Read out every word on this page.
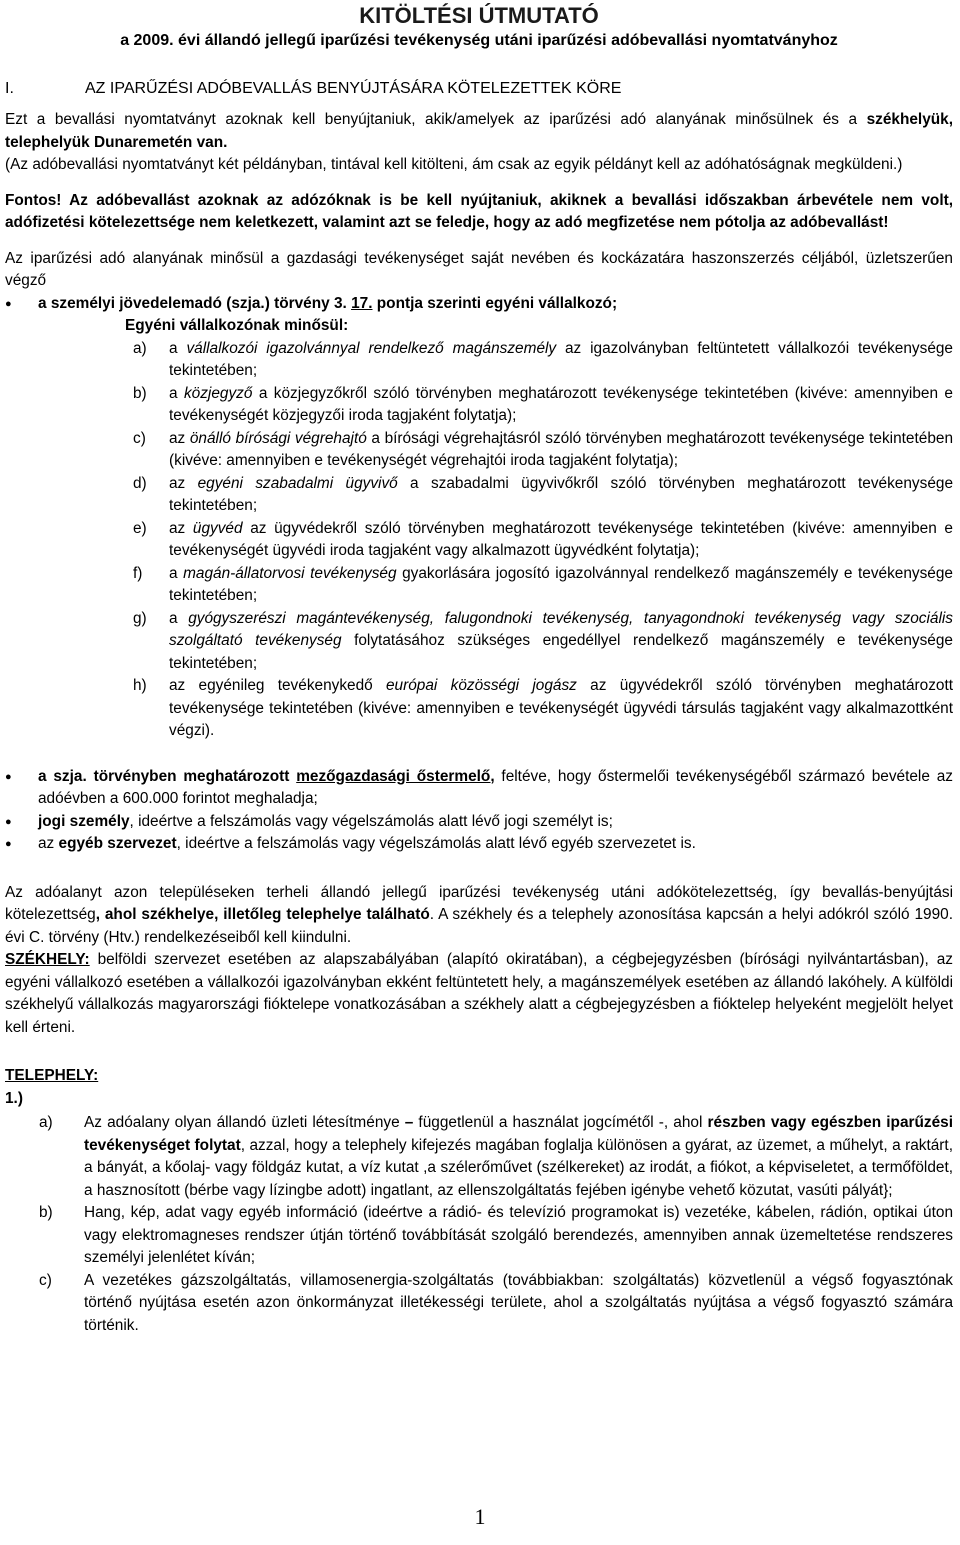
KITÖLTÉSI ÚTMUTATÓ
a 2009. évi állandó jellegű iparűzési tevékenység utáni iparűzési adóbevallási nyomtatványhoz
I.	AZ IPARŰZÉSI ADÓBEVALLÁS BENYÚJTÁSÁRA KÖTELEZETTEK KÖRE

Ezt a bevallási nyomtatványt azoknak kell benyújtaniuk, akik/amelyek az iparűzési adó alanyának minősülnek és a székhelyük, telephelyük Dunaremetén van.

(Az adóbevallási nyomtatványt két példányban, tintával kell kitölteni, ám csak az egyik példányt kell az adóhatóságnak megküldeni.)

Fontos! Az adóbevallást azoknak az adózóknak is be kell nyújtaniuk, akiknek a bevallási időszakban árbevétele nem volt, adófizetési kötelezettsége nem keletkezett, valamint azt se feledje, hogy az adó megfizetése nem pótolja az adóbevallást!

Az iparűzési adó alanyának minősül a gazdasági tevékenységet saját nevében és kockázatára haszonszerzés céljából, üzletszerűen végző

●	a személyi jövedelemadó (szja.) törvény 3. 17. pontja szerinti egyéni vállalkozó;
Egyéni vállalkozónak minősül:
a)	a vállalkozói igazolvánnyal rendelkező magánszemély az igazolványban feltüntetett vállalkozói tevékenysége tekintetében;
b)	a közjegyző a közjegyzőkről szóló törvényben meghatározott tevékenysége tekintetében (kivéve: amennyiben e tevékenységét közjegyzői iroda tagjaként folytatja);
c)	az önálló bírósági végrehajtó a bírósági végrehajtásról szóló törvényben meghatározott tevékenysége tekintetében (kivéve: amennyiben e tevékenységét végrehajtói iroda tagjaként folytatja);
d)	az egyéni szabadalmi ügyvivő a szabadalmi ügyvivőkről szóló törvényben meghatározott tevékenysége tekintetében;
e)	az ügyvéd az ügyvédekről szóló törvényben meghatározott tevékenysége tekintetében (kivéve: amennyiben e tevékenységét ügyvédi iroda tagjaként vagy alkalmazott ügyvédként folytatja);
f)	a magán-állatorvosi tevékenység gyakorlására jogosító igazolvánnyal rendelkező magánszemély e tevékenysége tekintetében;
g)	a gyógyszerészi magántevékenység, falugondnoki tevékenység, tanyagondnoki tevékenység vagy szociális szolgáltató tevékenység folytatásához szükséges engedéllyel rendelkező magánszemély e tevékenysége tekintetében;
h)	az egyénileg tevékenykedő európai közösségi jogász az ügyvédekről szóló törvényben meghatározott tevékenysége tekintetében (kivéve: amennyiben e tevékenységét ügyvédi társulás tagjaként vagy alkalmazottként végzi).
●	a szja. törvényben meghatározott mezőgazdasági őstermelő, feltéve, hogy őstermelői tevékenységéből származó bevétele az adóévben a 600.000 forintot meghaladja;
●	jogi személy, ideértve a felszámolás vagy végelszámolás alatt lévő jogi személyt is;
●	az egyéb szervezet, ideértve a felszámolás vagy végelszámolás alatt lévő egyéb szervezetet is.

Az adóalanyt azon településeken terheli állandó jellegű iparűzési tevékenység utáni adókötelezettség, így bevallás-benyújtási kötelezettség, ahol székhelye, illetőleg telephelye található. A székhely és a telephely azonosítása kapcsán a helyi adókról szóló 1990. évi C. törvény (Htv.) rendelkezéseiből kell kiindulni.

SZÉKHELY: belföldi szervezet esetében az alapszabályában (alapító okiratában), a cégbejegyzésben (bírósági nyilvántartásban), az egyéni vállalkozó esetében a vállalkozói igazolványban ekként feltüntetett hely, a magánszemélyek esetében az állandó lakóhely. A külföldi székhelyű vállalkozás magyarországi fióktelepe vonatkozásában a székhely alatt a cégbejegyzésben a fióktelep helyeként megjelölt helyet kell érteni.

TELEPHELY:
1.)
a)	Az adóalany olyan állandó üzleti létesítménye – függetlenül a használat jogcímétől -, ahol részben vagy egészben iparűzési tevékenységet folytat, azzal, hogy a telephely kifejezés magában foglalja különösen a gyárat, az üzemet, a műhelyt, a raktárt, a bányát, a kőolaj- vagy földgáz kutat, a víz kutat ,a szélerőművet (szélkereket) az irodát, a fiókot, a képviseletet, a termőföldet, a hasznosított (bérbe vagy lízingbe adott) ingatlant, az ellenszolgáltatás fejében igénybe vehető közutat, vasúti pályát};
b)	Hang, kép, adat vagy egyéb információ (ideértve a rádió- és televízió programokat is) vezetéke, kábelen, rádión, optikai úton vagy elektromagneses rendszer útján történő továbbítását szolgáló berendezés, amennyiben annak üzemeltetése rendszeres személyi jelenlétet kíván;
c)	A vezetékes gázszolgáltatás, villamosenergia-szolgáltatás (továbbiakban: szolgáltatás) közvetlenül a végső fogyasztónak történő nyújtása esetén azon önkormányzat illetékességi területe, ahol a szolgáltatás nyújtása a végső fogyasztó számára történik.
1
